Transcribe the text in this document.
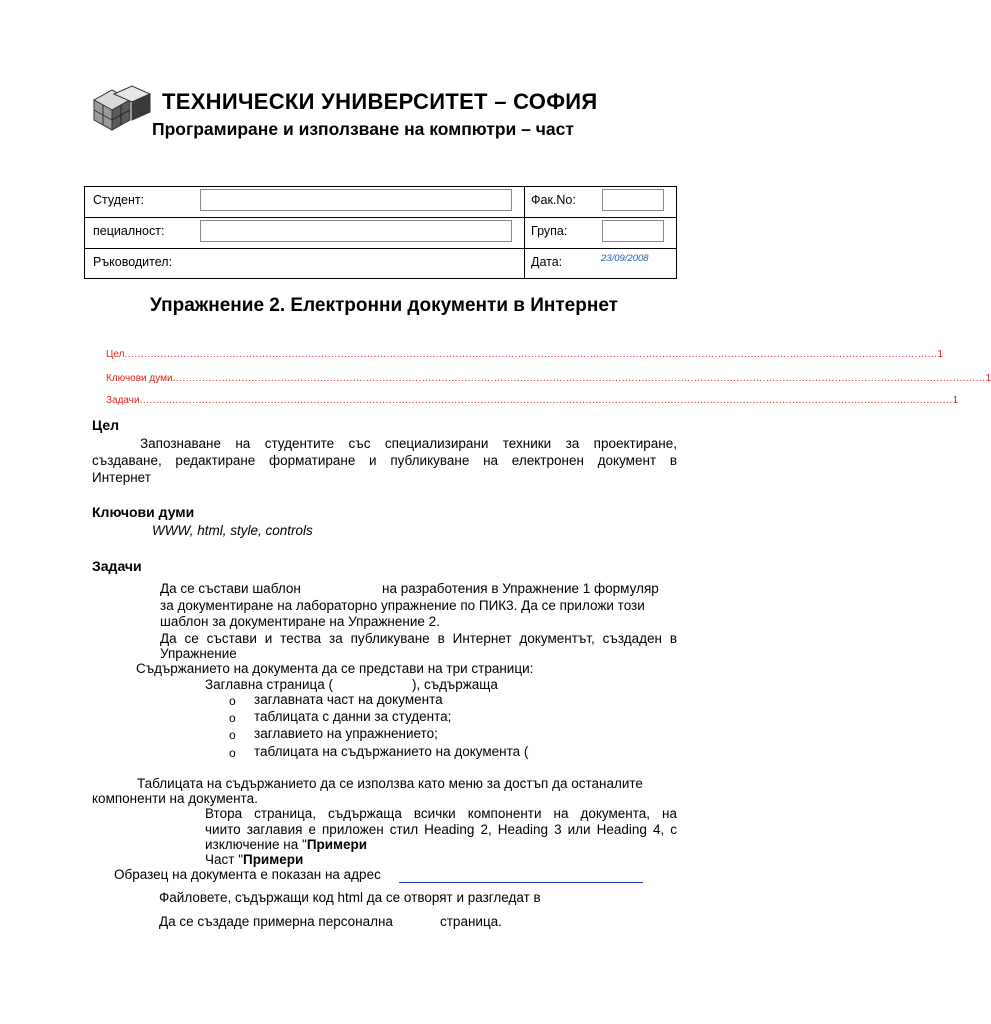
ТЕХНИЧЕСКИ УНИВЕРСИТЕТ – СОФИЯ
Програмиране и използване на компютри – част
Студент:	Фак.No:
пециалност:	Група:
Ръководител:	Дата:	23/09/2008
Упражнение 2. Електронни документи в Интернет
Цел ........................................................................................................................................................................................................................................................ 1
Ключови думи ........................................................................................................................................................................................................................................................ 1
Задачи ........................................................................................................................................................................................................................................................ 1
Цел
Запознаване на студентите със специализирани техники за проектиране,
създаване, редактиране форматиране и публикуване на електронен документ в
Интернет
Ключови думи
WWW, html, style, controls
Задачи
Да се състави шаблон	на разработения в Упражнение 1 формуляр
за документиране на лабораторно упражнение по ПИК3. Да се приложи този
шаблон за документиране на Упражнение 2.
Да се състави и тества за публикуване в Интернет документът, създаден в
Упражнение
Съдържанието на документа да се представи на три страници:
Заглавна страница (	), съдържаща
o заглавната част на документа
o таблицата с данни за студента;
o заглавието на упражнението;
o таблицата на съдържанието на документа (
Таблицата на съдържанието да се използва като меню за достъп да останалите
компоненти на документа.
Втора страница, съдържаща всички компоненти на документа, на
чиито заглавия е приложен стил Heading 2, Heading 3 или Heading 4, с
изключение на "Примери
Част "Примери
Образец на документа е показан на адрес
Файловете, съдържащи код html да се отворят и разгледат в
Да се създаде примерна персонална	страница.
